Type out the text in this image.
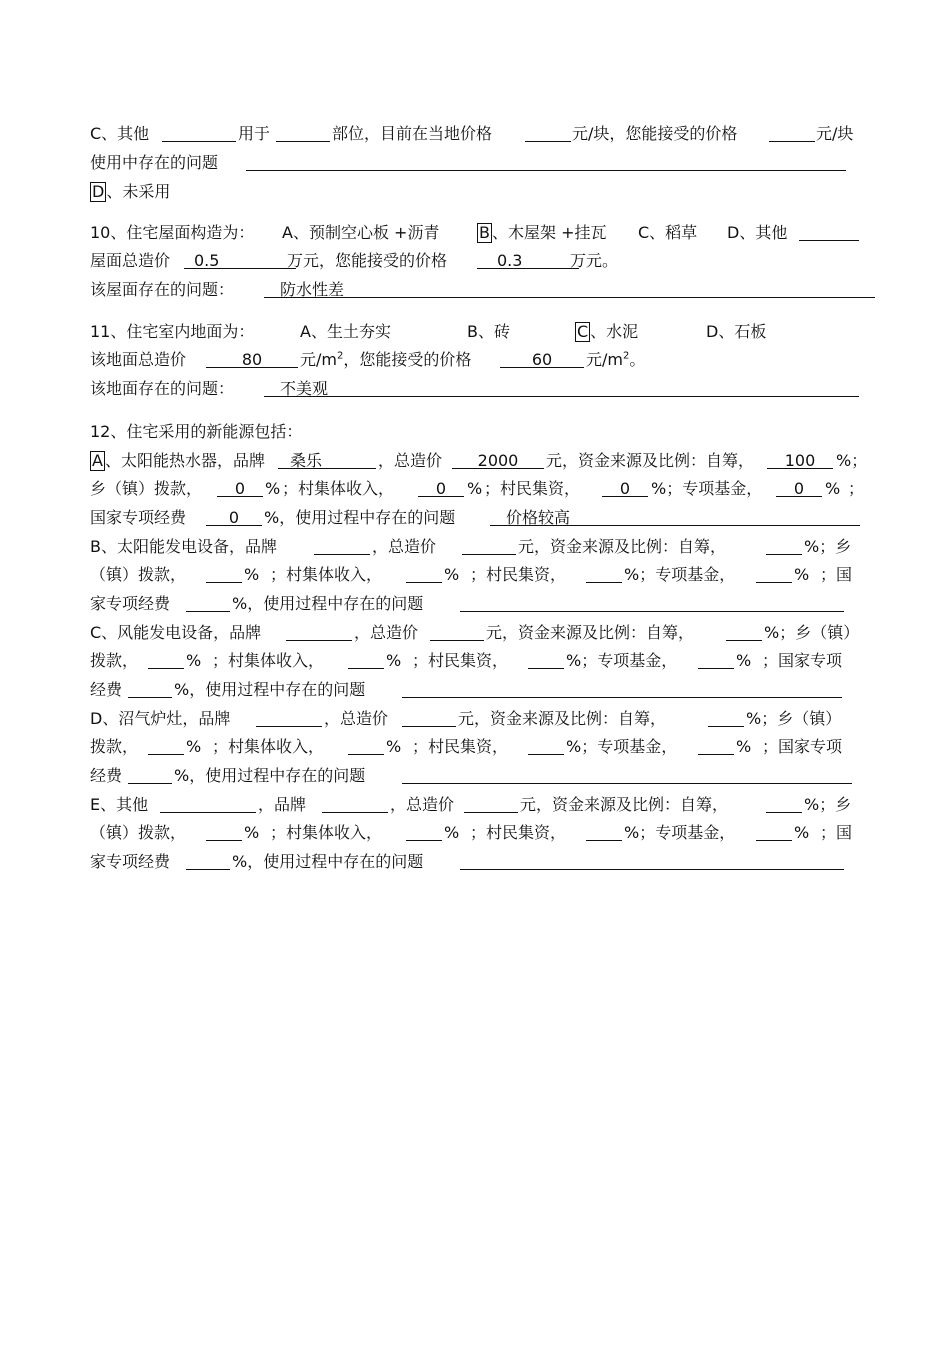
C、其他	用于	部位，目前在当地价格	元/块，您能接受的价格	元/块
使用中存在的问题
D 、未采用
10、住宅屋面构造为： A、预制空心板 +沥青 B 、木屋架 +挂瓦 C、稻草 D、其他
屋面总造价	0.5	万元，您能接受的价格	0.3	万元。
该屋面存在的问题：	防水性差
11、住宅室内地面为：	A、生土夯实	B、砖	C 、水泥	D、石板
该地面总造价	80	元$/m^2$，您能接受的价格	60	元$/m^2$。
该地面存在的问题：	不美观
12、住宅采用的新能源包括：
A 、太阳能热水器，品牌	桑乐	，总造价	2000	元，资金来源及比例：自筹，	100	%；
乡（镇）拨款，	0	% ；村集体收入，	0	% ；村民集资，	0	%；专项基金，	0	% ；
国家专项经费	0	%，使用过程中存在的问题	价格较高
B、太阳能发电设备，品牌	，总造价	元，资金来源及比例：自筹，	%；乡
（镇）拨款，	% ；村集体收入，	% ；村民集资，	%；专项基金，	% ；国
家专项经费	%，使用过程中存在的问题
C、风能发电设备，品牌	，总造价	元，资金来源及比例：自筹，	%；乡（镇）
拨款，	% ；村集体收入，	% ；村民集资，	%；专项基金，	% ；国家专项
经费	%，使用过程中存在的问题
D、沼气炉灶，品牌	，总造价	元，资金来源及比例：自筹，	%；乡（镇）
拨款，	% ；村集体收入，	% ；村民集资，	%；专项基金，	% ；国家专项
经费	%，使用过程中存在的问题
E、其他	，品牌	，总造价	元，资金来源及比例：自筹，	%；乡
（镇）拨款，	% ；村集体收入，	% ；村民集资，	%；专项基金，	% ；国
家专项经费	%，使用过程中存在的问题
